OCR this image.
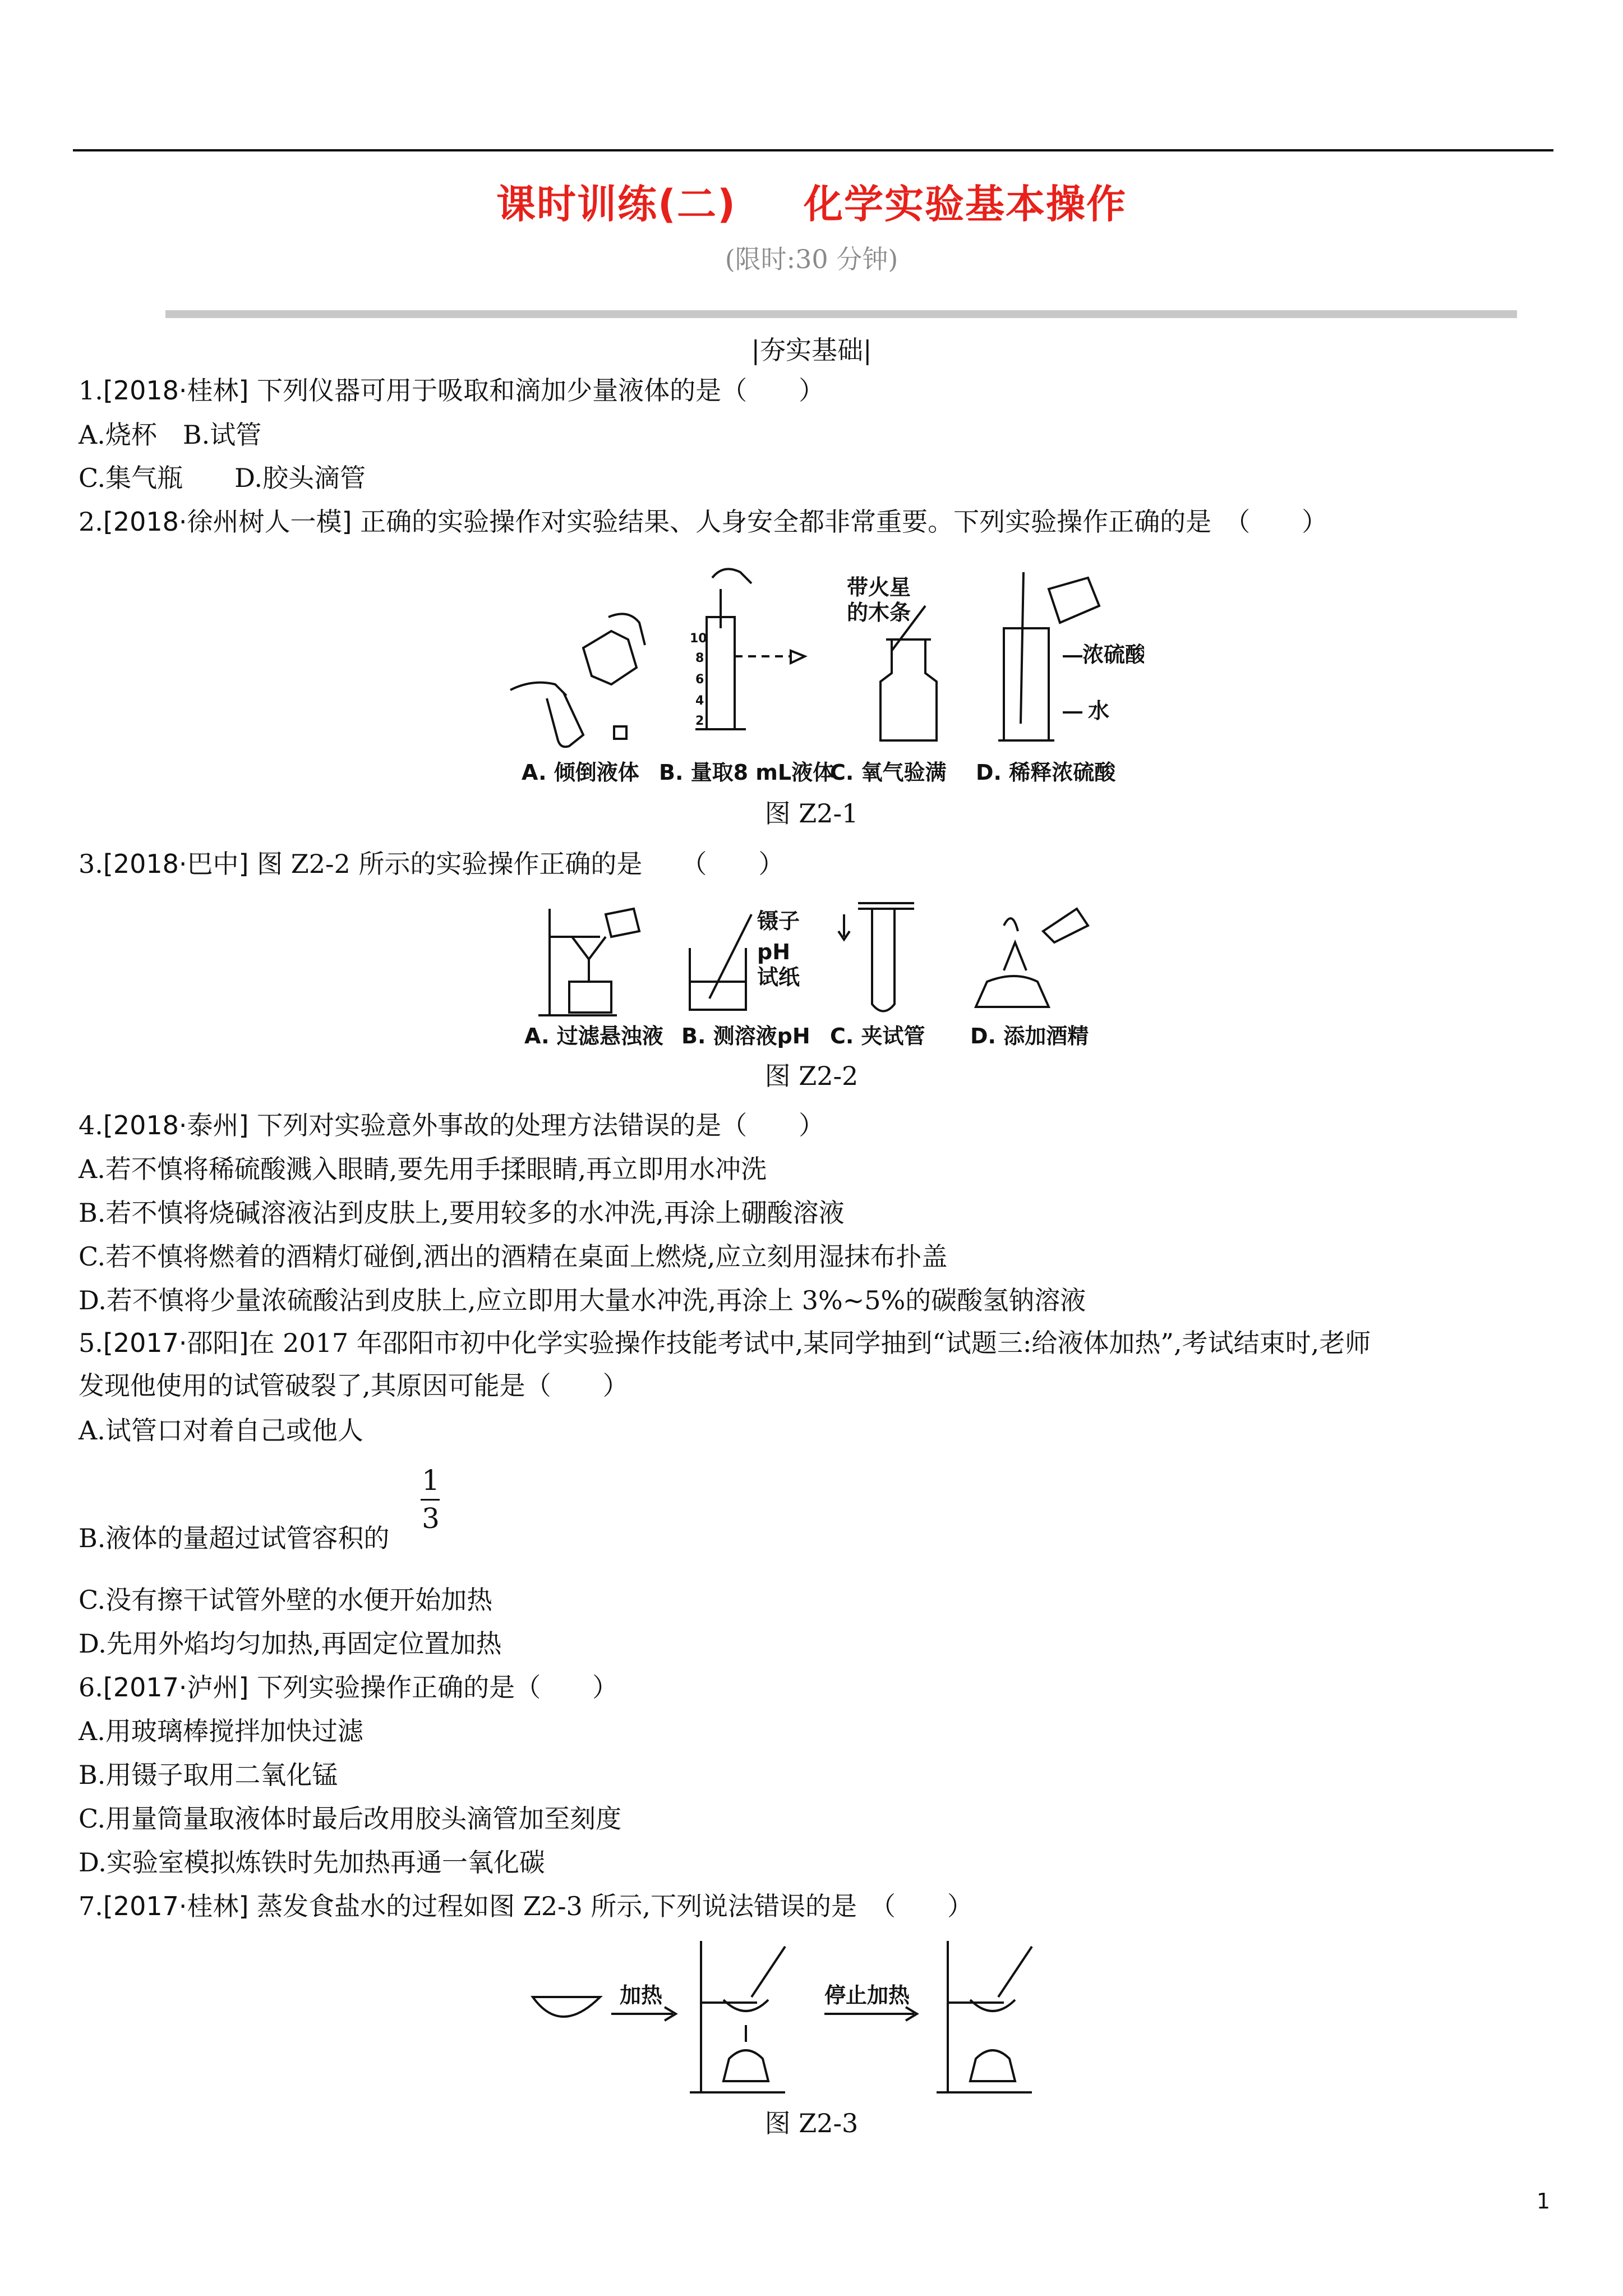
课时训练(二) 化学实验基本操作
(限时:30 分钟)
|夯实基础|
1.[2018·桂林] 下列仪器可用于吸取和滴加少量液体的是（　　）
A.烧杯　B.试管
C.集气瓶　　D.胶头滴管
2.[2018·徐州树人一模] 正确的实验操作对实验结果、人身安全都非常重要。下列实验操作正确的是　（　　）
10
8
6
4
2
带火星
的木条
浓硫酸
水
A. 倾倒液体 B. 量取8 mL液体
C. 氧气验满 D. 稀释浓硫酸
图 Z2-1
3.[2018·巴中] 图 Z2-2 所示的实验操作正确的是　　（　　）
镊子
pH
试纸
A. 过滤悬浊液 B. 测溶液pH C. 夹试管 D. 添加酒精
图 Z2-2
4.[2018·泰州] 下列对实验意外事故的处理方法错误的是（　　）
A.若不慎将稀硫酸溅入眼睛,要先用手揉眼睛,再立即用水冲洗
B.若不慎将烧碱溶液沾到皮肤上,要用较多的水冲洗,再涂上硼酸溶液
C.若不慎将燃着的酒精灯碰倒,洒出的酒精在桌面上燃烧,应立刻用湿抹布扑盖
D.若不慎将少量浓硫酸沾到皮肤上,应立即用大量水冲洗,再涂上 3%~5%的碳酸氢钠溶液
5.[2017·邵阳]在 2017 年邵阳市初中化学实验操作技能考试中,某同学抽到“试题三:给液体加热”,考试结束时,老师
发现他使用的试管破裂了,其原因可能是（　　）
A.试管口对着自己或他人
B.液体的量超过试管容积的
1
3
C.没有擦干试管外壁的水便开始加热
D.先用外焰均匀加热,再固定位置加热
6.[2017·泸州] 下列实验操作正确的是（　　）
A.用玻璃棒搅拌加快过滤
B.用镊子取用二氧化锰
C.用量筒量取液体时最后改用胶头滴管加至刻度
D.实验室模拟炼铁时先加热再通一氧化碳
7.[2017·桂林] 蒸发食盐水的过程如图 Z2-3 所示,下列说法错误的是　（　　）
加热	停止加热
图 Z2-3
1
